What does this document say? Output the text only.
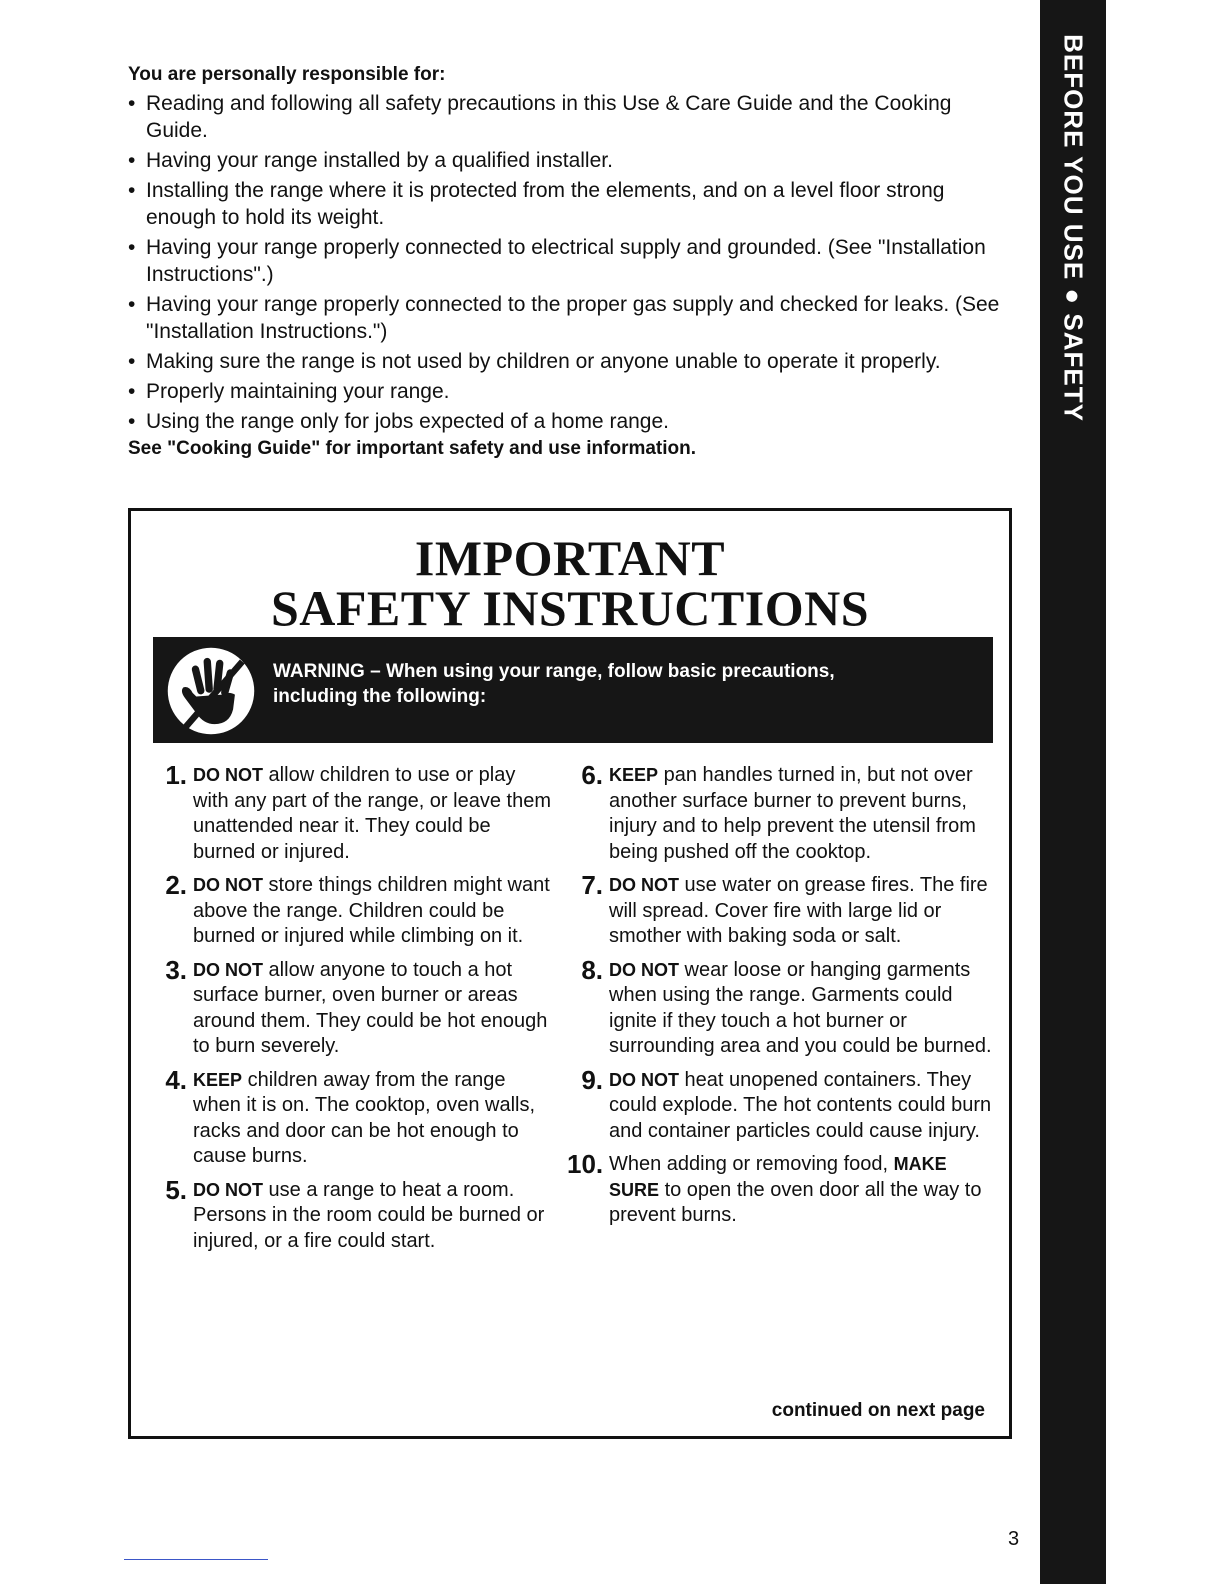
BEFORE YOU USE ● SAFETY
You are personally responsible for:
• Reading and following all safety precautions in this Use & Care Guide and the Cooking Guide.
• Having your range installed by a qualified installer.
• Installing the range where it is protected from the elements, and on a level floor strong enough to hold its weight.
• Having your range properly connected to electrical supply and grounded. (See "Installation Instructions".)
• Having your range properly connected to the proper gas supply and checked for leaks. (See "Installation Instructions.")
• Making sure the range is not used by children or anyone unable to operate it properly.
• Properly maintaining your range.
• Using the range only for jobs expected of a home range.
See "Cooking Guide" for important safety and use information.
IMPORTANT
SAFETY INSTRUCTIONS
WARNING – When using your range, follow basic precautions,
including the following:
1. DO NOT allow children to use or play with any part of the range, or leave them unattended near it. They could be burned or injured.
2. DO NOT store things children might want above the range. Children could be burned or injured while climbing on it.
3. DO NOT allow anyone to touch a hot surface burner, oven burner or areas around them. They could be hot enough to burn severely.
4. KEEP children away from the range when it is on. The cooktop, oven walls, racks and door can be hot enough to cause burns.
5. DO NOT use a range to heat a room. Persons in the room could be burned or injured, or a fire could start.
6. KEEP pan handles turned in, but not over another surface burner to prevent burns, injury and to help prevent the utensil from being pushed off the cooktop.
7. DO NOT use water on grease fires. The fire will spread. Cover fire with large lid or smother with baking soda or salt.
8. DO NOT wear loose or hanging garments when using the range. Garments could ignite if they touch a hot burner or surrounding area and you could be burned.
9. DO NOT heat unopened containers. They could explode. The hot contents could burn and container particles could cause injury.
10. When adding or removing food, MAKE SURE to open the oven door all the way to prevent burns.
continued on next page
3
